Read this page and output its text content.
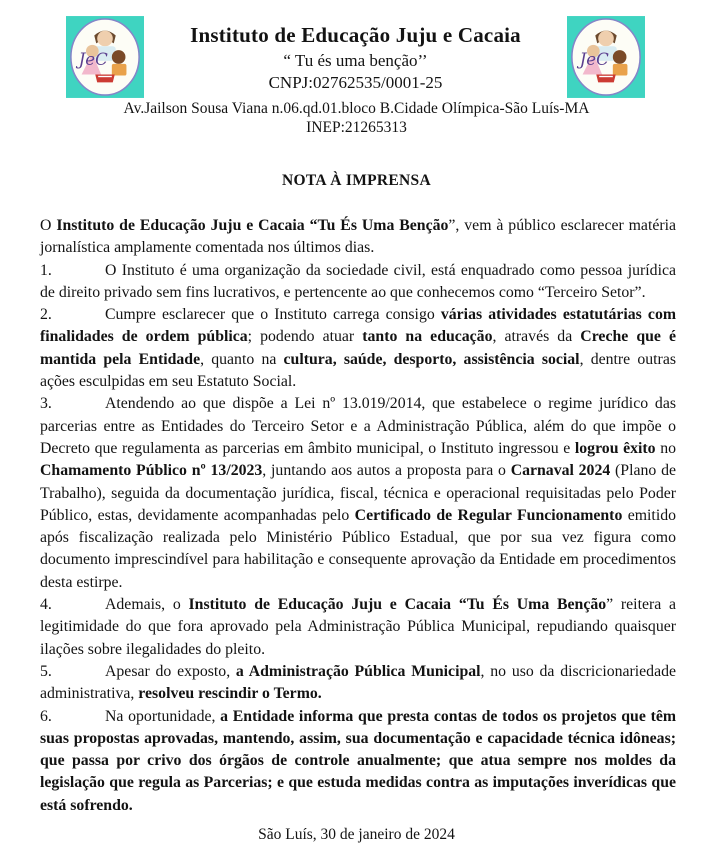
JeC
Instituto de Educação Juju e Cacaia
“ Tu és uma benção’’
CNPJ:02762535/0001-25
JeC
Av.Jailson Sousa Viana n.06.qd.01.bloco B.Cidade Olímpica-São Luís-MA
INEP:21265313
NOTA À IMPRENSA

O Instituto de Educação Juju e Cacaia “Tu És Uma Benção”, vem à público esclarecer matéria jornalística amplamente comentada nos últimos dias.

1.	O Instituto é uma organização da sociedade civil, está enquadrado como pessoa jurídica de direito privado sem fins lucrativos, e pertencente ao que conhecemos como “Terceiro Setor”.

2.	Cumpre esclarecer que o Instituto carrega consigo várias atividades estatutárias com finalidades de ordem pública; podendo atuar tanto na educação, através da Creche que é mantida pela Entidade, quanto na cultura, saúde, desporto, assistência social, dentre outras ações esculpidas em seu Estatuto Social.

3.	Atendendo ao que dispõe a Lei nº 13.019/2014, que estabelece o regime jurídico das parcerias entre as Entidades do Terceiro Setor e a Administração Pública, além do que impõe o Decreto que regulamenta as parcerias em âmbito municipal, o Instituto ingressou e logrou êxito no Chamamento Público nº 13/2023, juntando aos autos a proposta para o Carnaval 2024 (Plano de Trabalho), seguida da documentação jurídica, fiscal, técnica e operacional requisitadas pelo Poder Público, estas, devidamente acompanhadas pelo Certificado de Regular Funcionamento emitido após fiscalização realizada pelo Ministério Público Estadual, que por sua vez figura como documento imprescindível para habilitação e consequente aprovação da Entidade em procedimentos desta estirpe.

4.	Ademais, o Instituto de Educação Juju e Cacaia “Tu És Uma Benção” reitera a legitimidade do que fora aprovado pela Administração Pública Municipal, repudiando quaisquer ilações sobre ilegalidades do pleito.

5.	Apesar do exposto, a Administração Pública Municipal, no uso da discricionariedade administrativa, resolveu rescindir o Termo.

6.	Na oportunidade, a Entidade informa que presta contas de todos os projetos que têm suas propostas aprovadas, mantendo, assim, sua documentação e capacidade técnica idôneas; que passa por crivo dos órgãos de controle anualmente; que atua sempre nos moldes da legislação que regula as Parcerias; e que estuda medidas contra as imputações inverídicas que está sofrendo.

São Luís, 30 de janeiro de 2024
